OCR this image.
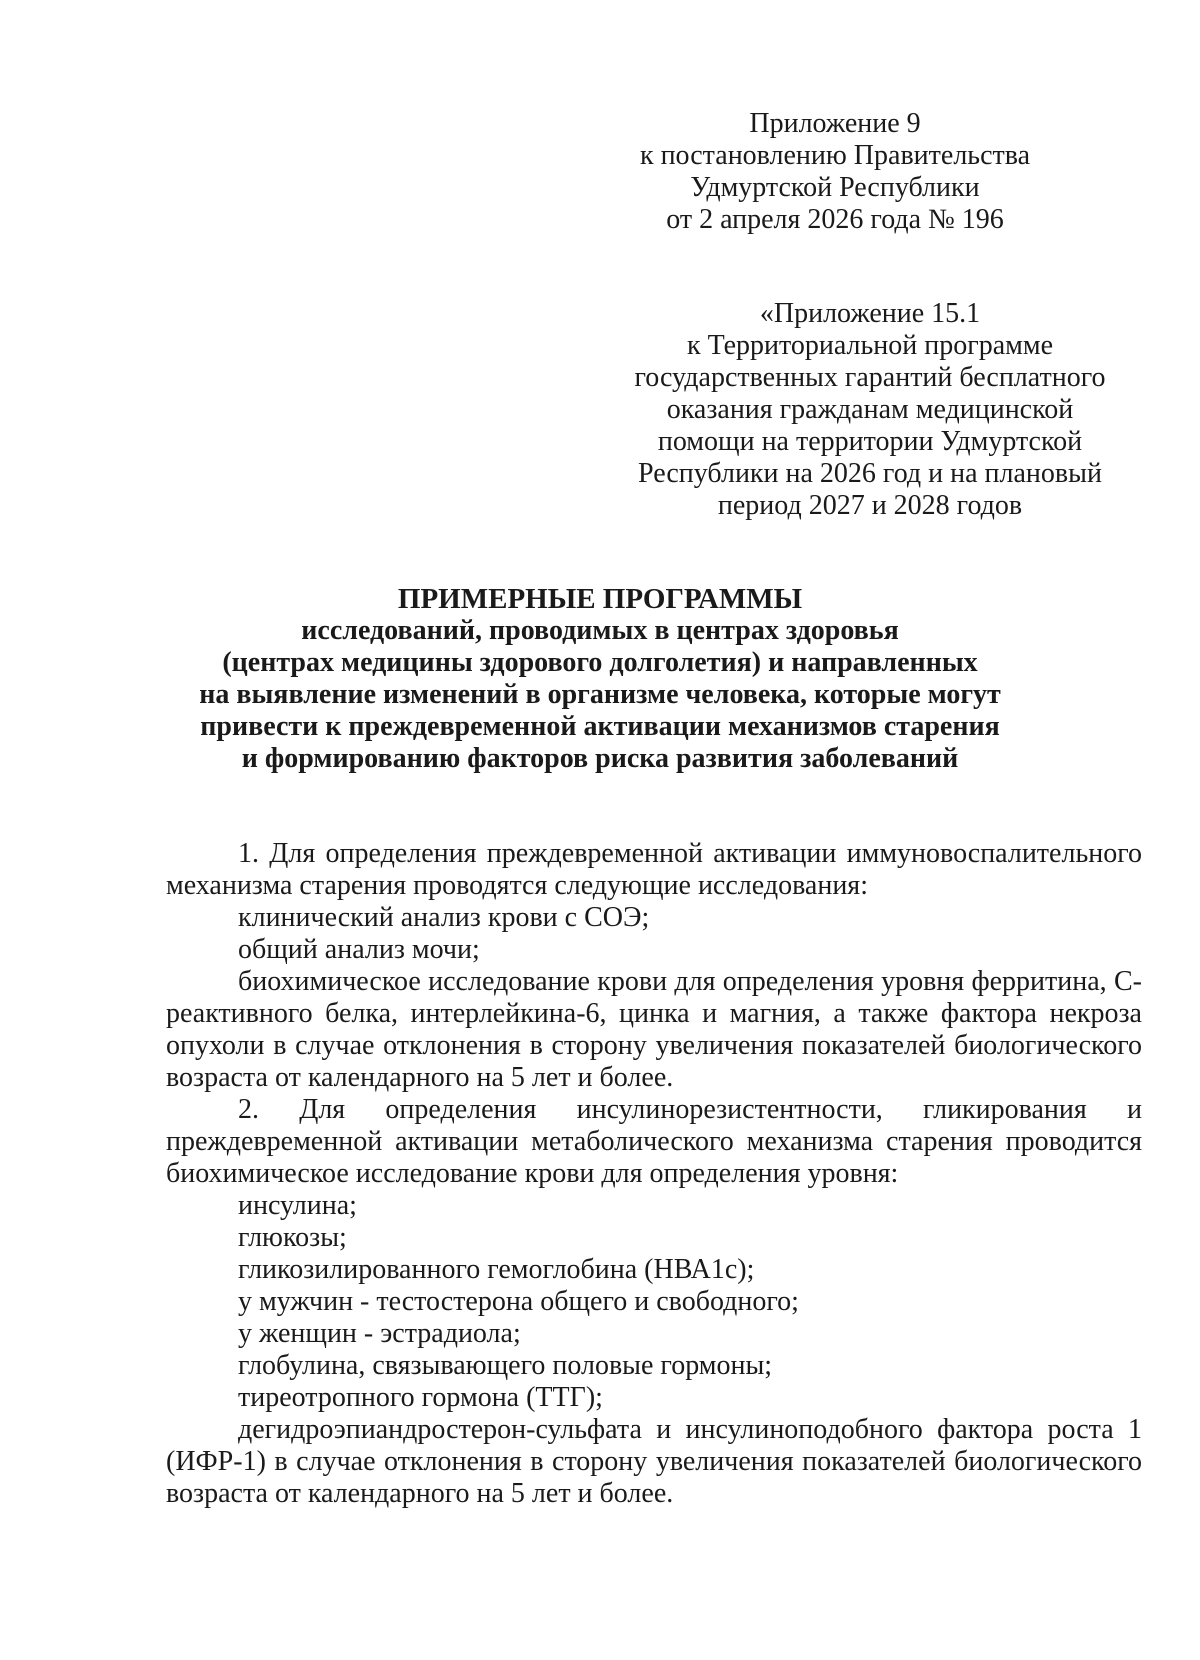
Приложение 9
к постановлению Правительства
Удмуртской Республики
от 2 апреля 2026 года № 196
«Приложение 15.1
к Территориальной программе
государственных гарантий бесплатного
оказания гражданам медицинской
помощи на территории Удмуртской
Республики на 2026 год и на плановый
период 2027 и 2028 годов
ПРИМЕРНЫЕ ПРОГРАММЫ
исследований, проводимых в центрах здоровья
(центрах медицины здорового долголетия) и направленных
на выявление изменений в организме человека, которые могут
привести к преждевременной активации механизмов старения
и формированию факторов риска развития заболеваний

1. Для определения преждевременной активации иммуновоспалительного механизма старения проводятся следующие исследования:

клинический анализ крови с СОЭ;

общий анализ мочи;

биохимическое исследование крови для определения уровня ферритина, С-реактивного белка, интерлейкина-6, цинка и магния, а также фактора некроза опухоли в случае отклонения в сторону увеличения показателей биологического возраста от календарного на 5 лет и более.

2. Для определения инсулинорезистентности, гликирования и преждевременной активации метаболического механизма старения проводится биохимическое исследование крови для определения уровня:

инсулина;

глюкозы;

гликозилированного гемоглобина (НВА1с);

у мужчин - тестостерона общего и свободного;

у женщин - эстрадиола;

глобулина, связывающего половые гормоны;

тиреотропного гормона (ТТГ);

дегидроэпиандростерон-сульфата и инсулиноподобного фактора роста 1 (ИФР-1) в случае отклонения в сторону увеличения показателей биологического возраста от календарного на 5 лет и более.
